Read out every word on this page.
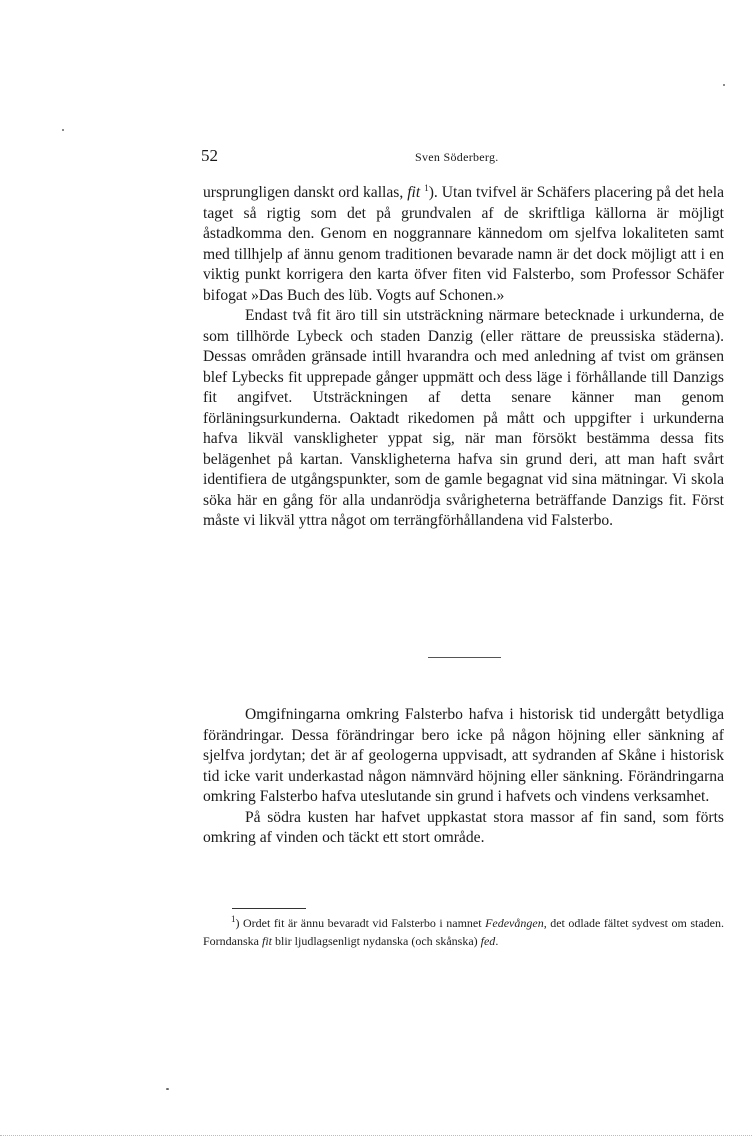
52	Sven Söderberg.

ursprungligen danskt ord kallas, fit $^1$). Utan tvifvel är Schäfers placering på det hela taget så rigtig som det på grundvalen af de skriftliga källorna är möjligt åstadkomma den. Genom en noggrannare kännedom om sjelfva lokaliteten samt med tillhjelp af ännu genom traditionen bevarade namn är det dock möjligt att i en viktig punkt korrigera den karta öfver fiten vid Falsterbo, som Professor Schäfer bifogat »Das Buch des lüb. Vogts auf Schonen.»

Endast två fit äro till sin utsträckning närmare betecknade i urkunderna, de som tillhörde Lybeck och staden Danzig (eller rättare de preussiska städerna). Dessas områden gränsade intill hvarandra och med anledning af tvist om gränsen blef Lybecks fit upprepade gånger uppmätt och dess läge i förhållande till Danzigs fit angifvet. Utsträckningen af detta senare känner man genom förläningsurkunderna. Oaktadt rikedomen på mått och uppgifter i urkunderna hafva likväl vanskligheter yppat sig, när man försökt bestämma dessa fits belägenhet på kartan. Vanskligheterna hafva sin grund deri, att man haft svårt identifiera de utgångspunkter, som de gamle begagnat vid sina mätningar. Vi skola söka här en gång för alla undanrödja svårigheterna beträffande Danzigs fit. Först måste vi likväl yttra något om terrängförhållandena vid Falsterbo.

Omgifningarna omkring Falsterbo hafva i historisk tid undergått betydliga förändringar. Dessa förändringar bero icke på någon höjning eller sänkning af sjelfva jordytan; det är af geologerna uppvisadt, att sydranden af Skåne i historisk tid icke varit underkastad någon nämnvärd höjning eller sänkning. Förändringarna omkring Falsterbo hafva uteslutande sin grund i hafvets och vindens verksamhet.

På södra kusten har hafvet uppkastat stora massor af fin sand, som förts omkring af vinden och täckt ett stort område.

$^1$) Ordet fit är ännu bevaradt vid Falsterbo i namnet Fedevången, det odlade fältet sydvest om staden. Forndanska fit blir ljudlagsenligt nydanska (och skånska) fed.
